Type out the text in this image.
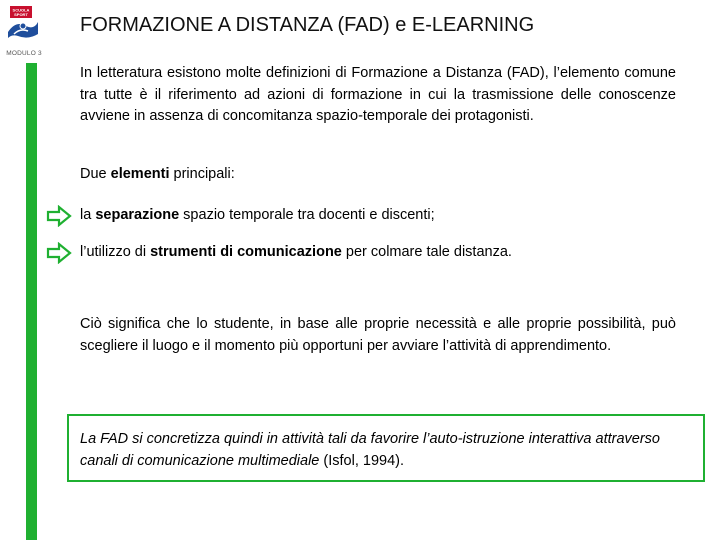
SCUOLA
SPORT
MODULO 3
FORMAZIONE A DISTANZA (FAD) e E-LEARNING
In letteratura esistono molte definizioni di Formazione a Distanza (FAD), l’elemento comune tra tutte è il riferimento ad azioni di formazione in cui la trasmissione delle conoscenze avviene in assenza di concomitanza spazio-temporale dei protagonisti.
Due elementi principali:
la separazione spazio temporale tra docenti e discenti;
l’utilizzo di strumenti di comunicazione per colmare tale distanza.
Ciò significa che lo studente, in base alle proprie necessità e alle proprie possibilità, può scegliere il luogo e il momento più opportuni per avviare l’attività di apprendimento.
La FAD si concretizza quindi in attività tali da favorire l’auto-istruzione interattiva attraverso canali di comunicazione multimediale (Isfol, 1994).
